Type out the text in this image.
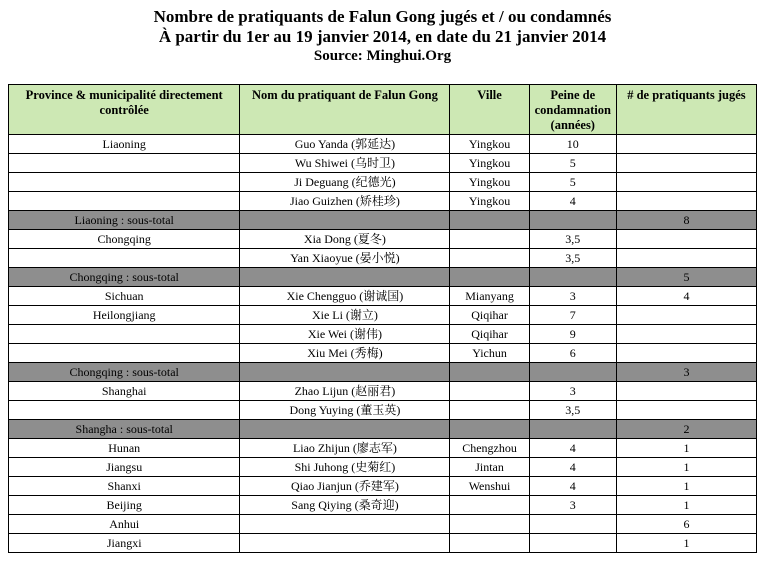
Nombre de pratiquants de Falun Gong jugés et / ou condamnés
À partir du 1er au 19 janvier 2014, en date du 21 janvier 2014
Source: Minghui.Org
Province & municipalité directement contrôlée	Nom du pratiquant de Falun Gong	Ville	Peine de condamnation (années)	# de pratiquants jugés
Liaoning	Guo Yanda (郭延达)	Yingkou	10	
	Wu Shiwei (乌时卫)	Yingkou	5	
	Ji Deguang (纪德光)	Yingkou	5	
	Jiao Guizhen (矫桂珍)	Yingkou	4	
Liaoning : sous-total				8
Chongqing	Xia Dong (夏冬)		3,5	
	Yan Xiaoyue (晏小悦)		3,5	
Chongqing : sous-total				5
Sichuan	Xie Chengguo (谢诚国)	Mianyang	3	4
Heilongjiang	Xie Li (谢立)	Qiqihar	7	
	Xie Wei (谢伟)	Qiqihar	9	
	Xiu Mei (秀梅)	Yichun	6	
Chongqing : sous-total				3
Shanghai	Zhao Lijun (赵丽君)		3	
	Dong Yuying (董玉英)		3,5	
Shangha : sous-total				2
Hunan	Liao Zhijun (廖志军)	Chengzhou	4	1
Jiangsu	Shi Juhong (史菊红)	Jintan	4	1
Shanxi	Qiao Jianjun (乔建军)	Wenshui	4	1
Beijing	Sang Qiying (桑奇迎)		3	1
Anhui				6
Jiangxi				1
